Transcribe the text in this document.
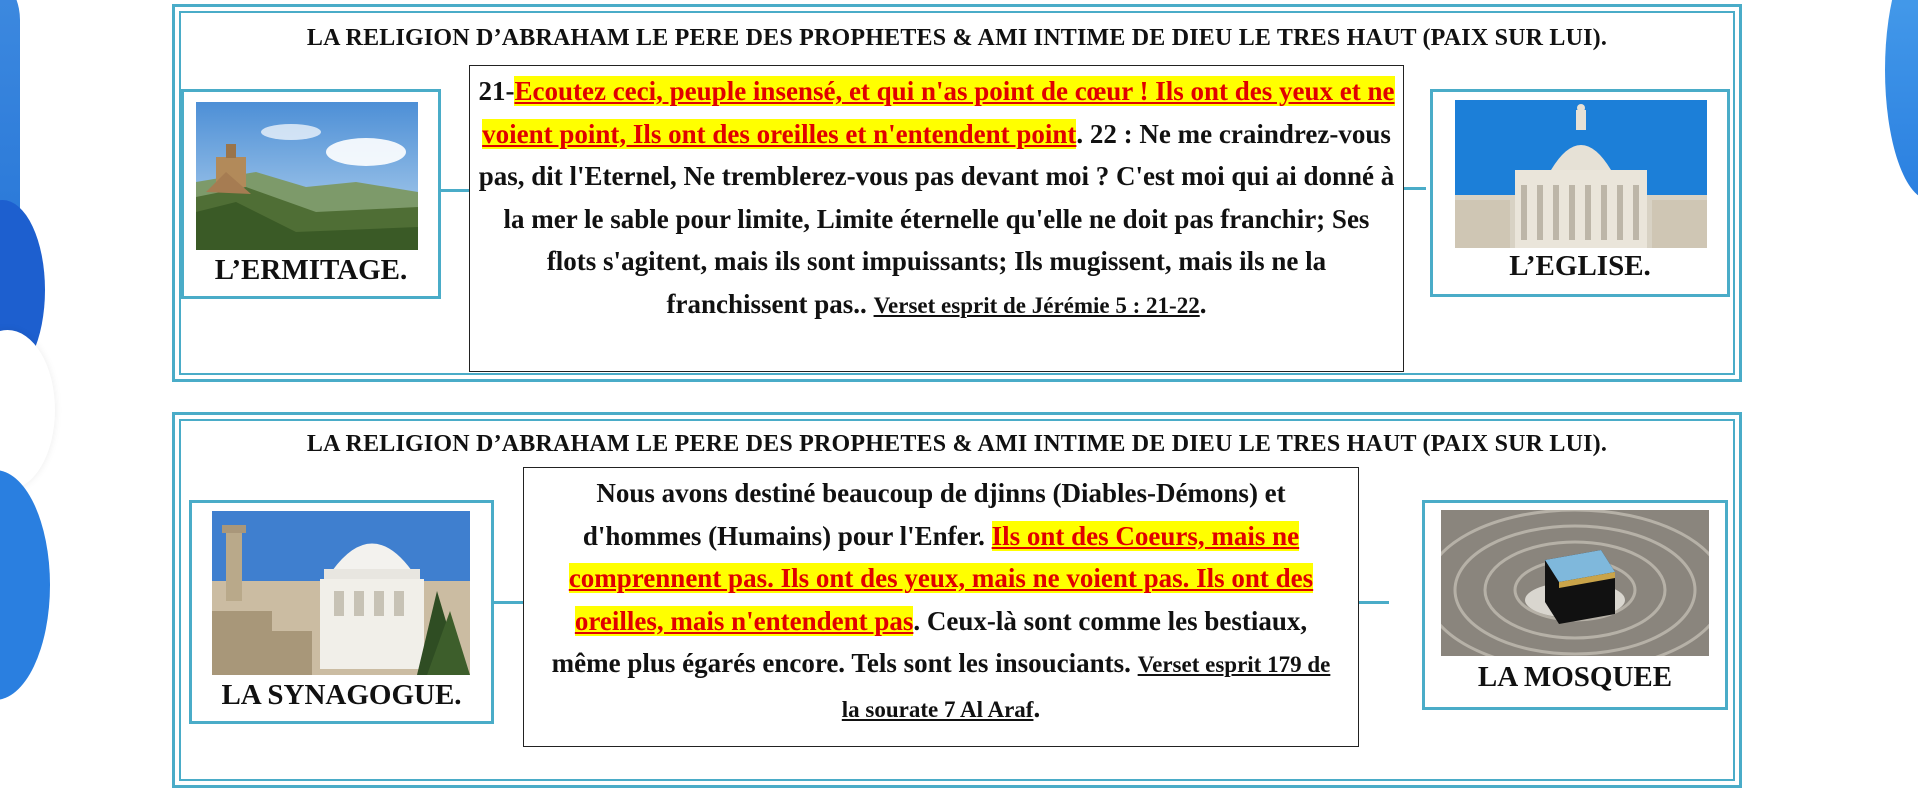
LA RELIGION D’ABRAHAM LE PERE DES PROPHETES & AMI INTIME DE DIEU LE TRES HAUT (PAIX SUR LUI).
L’ERMITAGE.
21-Ecoutez ceci, peuple insensé, et qui n'as point de cœur ! Ils ont des yeux et ne voient point, Ils ont des oreilles et n'entendent point. 22 : Ne me craindrez-vous pas, dit l'Eternel, Ne tremblerez-vous pas devant moi ? C'est moi qui ai donné à la mer le sable pour limite, Limite éternelle qu'elle ne doit pas franchir; Ses flots s'agitent, mais ils sont impuissants; Ils mugissent, mais ils ne la franchissent pas.. Verset esprit de Jérémie 5 : 21-22.
L’EGLISE.
LA RELIGION D’ABRAHAM LE PERE DES PROPHETES & AMI INTIME DE DIEU LE TRES HAUT (PAIX SUR LUI).
LA SYNAGOGUE.
Nous avons destiné beaucoup de djinns (Diables-Démons) et d'hommes (Humains) pour l'Enfer. Ils ont des Coeurs, mais ne comprennent pas. Ils ont des yeux, mais ne voient pas. Ils ont des oreilles, mais n'entendent pas. Ceux-là sont comme les bestiaux, même plus égarés encore. Tels sont les insouciants. Verset esprit 179 de la sourate 7 Al Araf.
LA MOSQUEE
